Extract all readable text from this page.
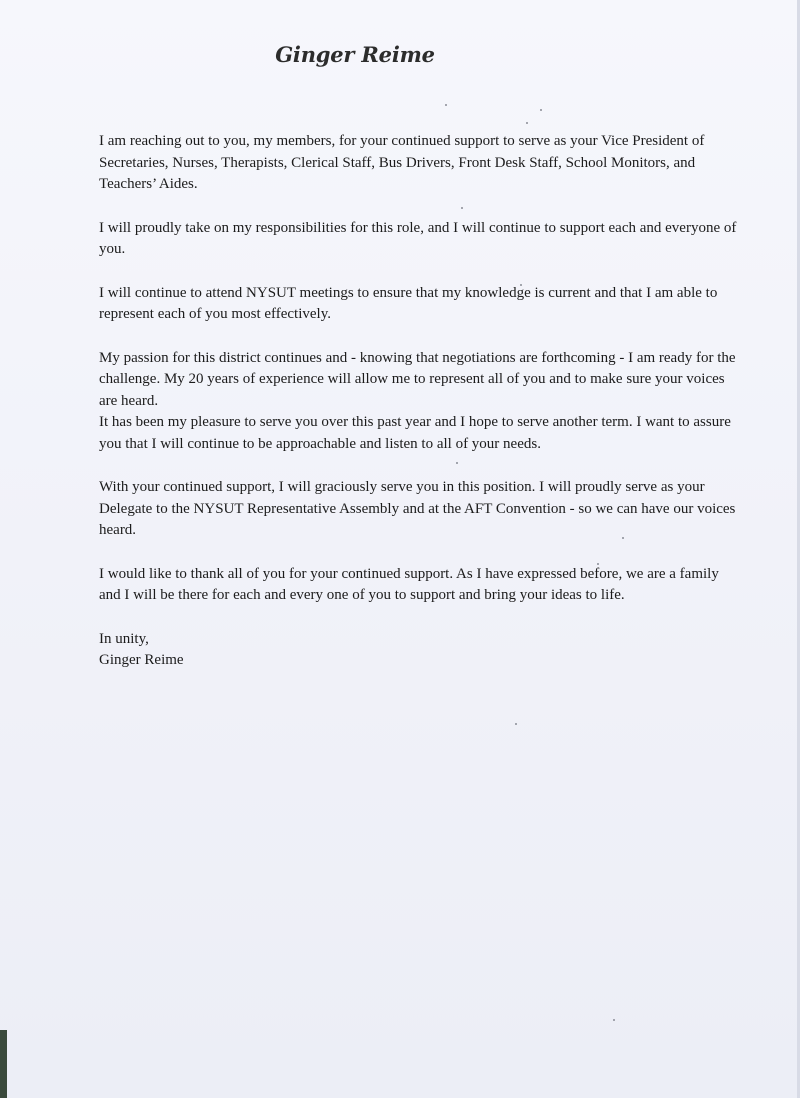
Ginger Reime

I am reaching out to you, my members, for your continued support to serve as your Vice President of Secretaries, Nurses, Therapists, Clerical Staff, Bus Drivers, Front Desk Staff, School Monitors, and Teachers’ Aides.

I will proudly take on my responsibilities for this role, and I will continue to support each and everyone of you.

I will continue to attend NYSUT meetings to ensure that my knowledge is current and that I am able to represent each of you most effectively.

My passion for this district continues and - knowing that negotiations are forthcoming - I am ready for the challenge. My 20 years of experience will allow me to represent all of you and to make sure your voices are heard.

It has been my pleasure to serve you over this past year and I hope to serve another term. I want to assure you that I will continue to be approachable and listen to all of your needs.

With your continued support, I will graciously serve you in this position. I will proudly serve as your Delegate to the NYSUT Representative Assembly and at the AFT Convention - so we can have our voices heard.

I would like to thank all of you for your continued support. As I have expressed before, we are a family and I will be there for each and every one of you to support and bring your ideas to life.

In unity,

Ginger Reime
